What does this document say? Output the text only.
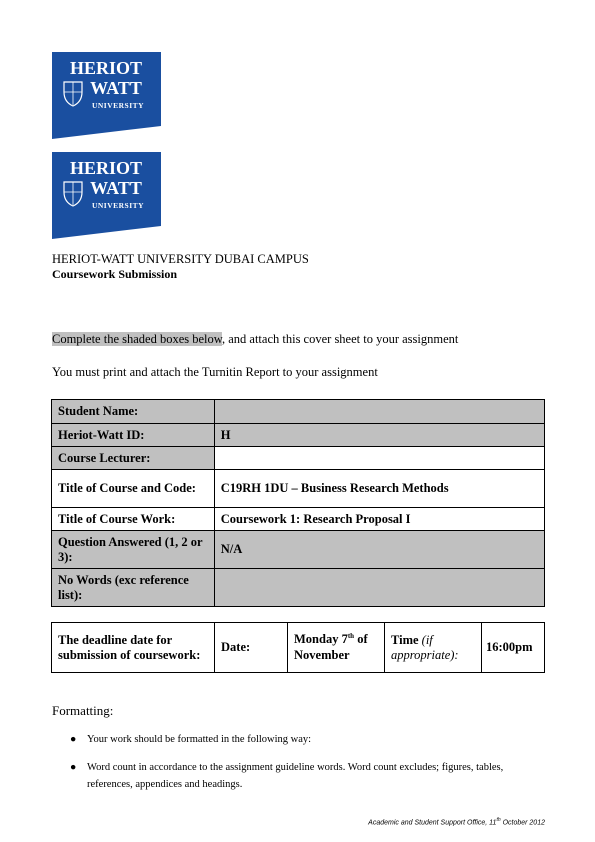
HERIOT
WATT
UNIVERSITY
HERIOT
WATT
UNIVERSITY
HERIOT-WATT UNIVERSITY DUBAI CAMPUS
Coursework Submission
Complete the shaded boxes below, and attach this cover sheet to your assignment
You must print and attach the Turnitin Report to your assignment
Student Name:	
Heriot-Watt ID:	H
Course Lecturer:	
Title of Course and Code:	C19RH 1DU – Business Research Methods
Title of Course Work:	Coursework 1: Research Proposal I
Question Answered (1, 2 or 3):	N/A
No Words (exc reference list):	
The deadline date for submission of coursework:	Date:	Monday 7th of November	Time (if appropriate):	16:00pm
Formatting:
● Your work should be formatted in the following way:
● Word count in accordance to the assignment guideline words. Word count excludes; figures, tables, references, appendices and headings.
Academic and Student Support Office, 11th October 2012
